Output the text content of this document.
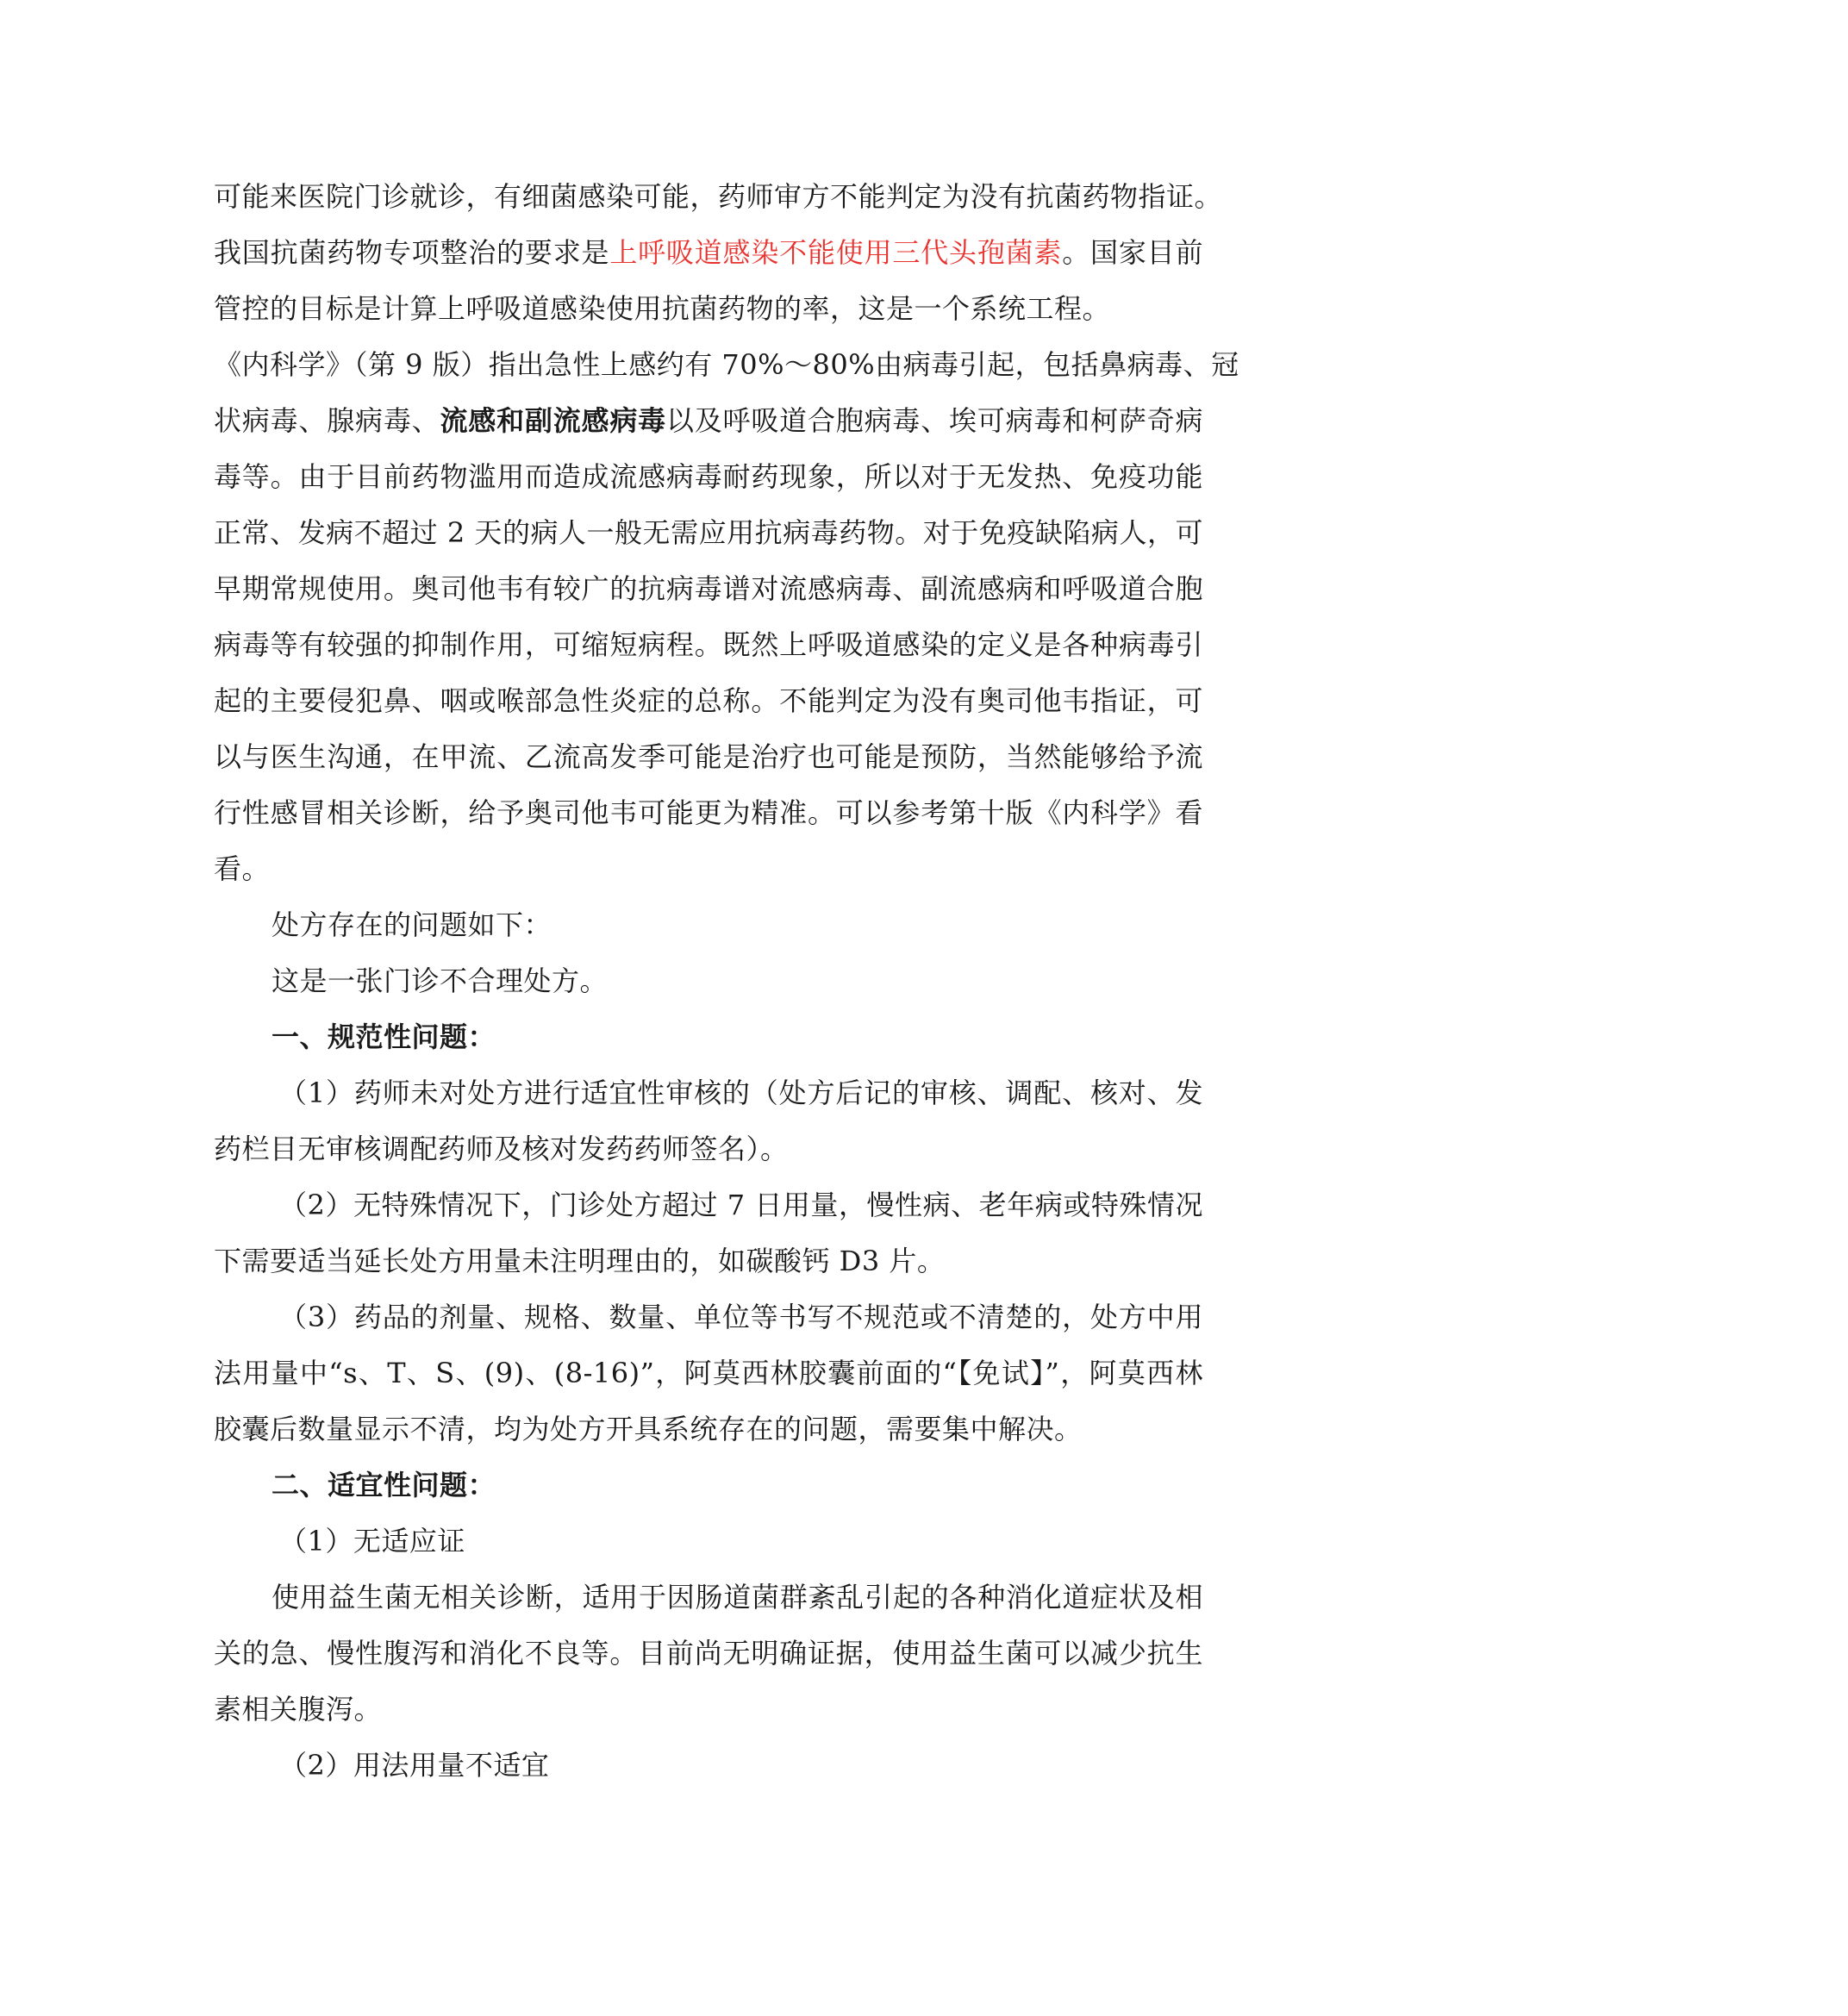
可能来医院门诊就诊，有细菌感染可能，药师审方不能判定为没有抗菌药物指证。
我国抗菌药物专项整治的要求是上呼吸道感染不能使用三代头孢菌素。国家目前
管控的目标是计算上呼吸道感染使用抗菌药物的率，这是一个系统工程。
《内科学》（第 9 版）指出急性上感约有 70%～80%由病毒引起，包括鼻病毒、冠
状病毒、腺病毒、流感和副流感病毒以及呼吸道合胞病毒、埃可病毒和柯萨奇病
毒等。由于目前药物滥用而造成流感病毒耐药现象，所以对于无发热、免疫功能
正常、发病不超过 2 天的病人一般无需应用抗病毒药物。对于免疫缺陷病人，可
早期常规使用。奥司他韦有较广的抗病毒谱对流感病毒、副流感病和呼吸道合胞
病毒等有较强的抑制作用，可缩短病程。既然上呼吸道感染的定义是各种病毒引
起的主要侵犯鼻、咽或喉部急性炎症的总称。不能判定为没有奥司他韦指证，可
以与医生沟通，在甲流、乙流高发季可能是治疗也可能是预防，当然能够给予流
行性感冒相关诊断，给予奥司他韦可能更为精准。可以参考第十版《内科学》看
看。
处方存在的问题如下：
这是一张门诊不合理处方。
一、规范性问题：
（1）药师未对处方进行适宜性审核的（处方后记的审核、调配、核对、发
药栏目无审核调配药师及核对发药药师签名）。
（2）无特殊情况下，门诊处方超过 7 日用量，慢性病、老年病或特殊情况
下需要适当延长处方用量未注明理由的，如碳酸钙 D3 片。
（3）药品的剂量、规格、数量、单位等书写不规范或不清楚的，处方中用
法用量中“s、T、S、(9)、(8-16)”，阿莫西林胶囊前面的“【免试】”，阿莫西林
胶囊后数量显示不清，均为处方开具系统存在的问题，需要集中解决。
二、适宜性问题：
（1）无适应证
使用益生菌无相关诊断，适用于因肠道菌群紊乱引起的各种消化道症状及相
关的急、慢性腹泻和消化不良等。目前尚无明确证据，使用益生菌可以减少抗生
素相关腹泻。
（2）用法用量不适宜
